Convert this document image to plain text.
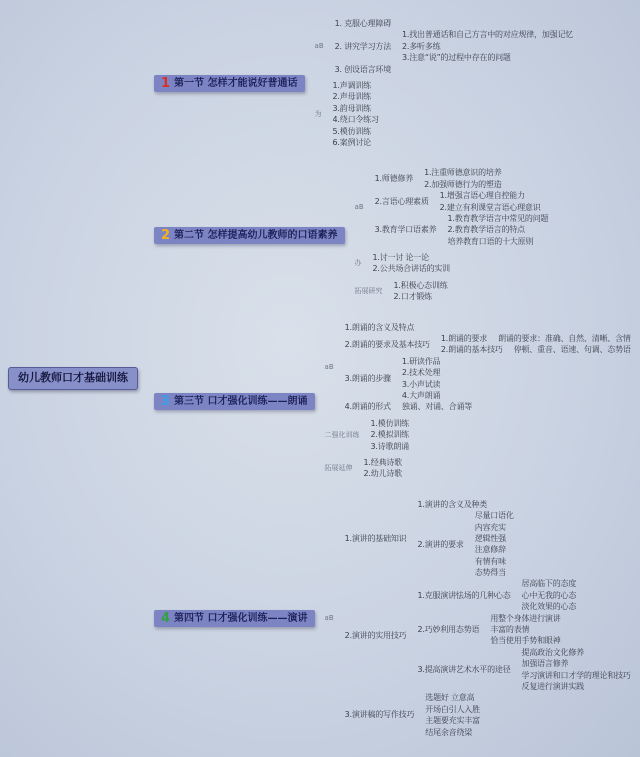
幼儿教师口才基础训练
1 第一节 怎样才能说好普通话
aB
1. 克服心理障碍
2. 讲究学习方法
1.找出普通话和自己方言中的对应规律，加强记忆
2.多听多练
3.注意“说”的过程中存在的问题
3. 创设语言环境
为
1.声调训练
2.声母训练
3.韵母训练
4.绕口令练习
5.模仿训练
6.案例讨论
2 第二节 怎样提高幼儿教师的口语素养
aB
1.师德修养
1.注重师德意识的培养
2.加强师德行为的塑造
2.言语心理素质
1.增强言语心理自控能力
2.建立有利课堂言语心理意识
3.教育学口语素养
1.教育教学语言中常见的问题
2.教育教学语言的特点
培养教育口语的十大原则
办
1.讨一讨 论一论
2.公共场合讲话的实训
拓展研究
1.积极心态训练
2.口才锻炼
3 第三节 口才强化训练——朗诵
aB
1.朗诵的含义及特点
2.朗诵的要求及基本技巧
1.朗诵的要求 朗诵的要求：准确、自然、清晰、含情
2.朗诵的基本技巧 停顿、重音、语速、句调、态势语
3.朗诵的步骤
1.研读作品
2.技术处理
3.小声试读
4.大声朗诵
4.朗诵的形式 独诵、对诵、合诵等
二强化训练
1.模仿训练
2.模拟训练
3.诗歌朗诵
拓展延伸
1.经典诗歌
2.幼儿诗歌
4 第四节 口才强化训练——演讲 aB
1.演讲的基础知识
1.演讲的含义及种类
2.演讲的要求
尽量口语化
内容充实
逻辑性强
注意修辞
有情有味
态势得当
2.演讲的实用技巧
1.克服演讲怯场的几种心态
居高临下的态度
心中无我的心态
淡化效果的心态
2.巧妙利用态势语
用整个身体进行演讲
丰富的表情
恰当使用手势和眼神
3.提高演讲艺术水平的途径
提高政治文化修养
加强语言修养
学习演讲和口才学的理论和技巧
反复进行演讲实践
3.演讲稿的写作技巧
选题好 立意高
开场白引人入胜
主题要充实丰富
结尾余音绕梁
